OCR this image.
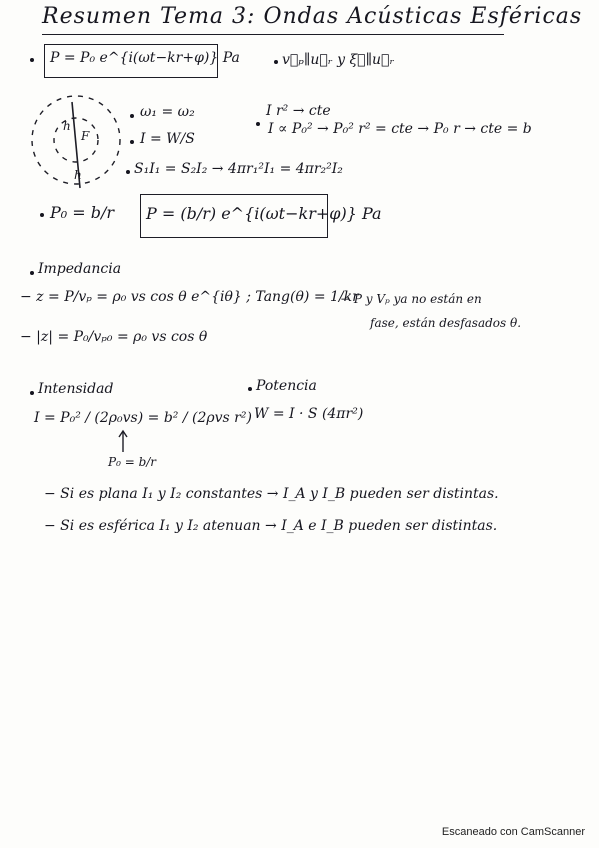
Resumen Tema 3: Ondas Acústicas Esféricas
P = P₀ e^{i(ωt−kr+φ)} Pa	v⃗ₚ∥u⃗ᵣ y ξ⃗∥u⃗ᵣ
h
F
h
ω₁ = ω₂
I = W/S
S₁I₁ = S₂I₂ → 4πr₁²I₁ = 4πr₂²I₂
I r² → cte
I ∝ P₀² → P₀² r² = cte → P₀ r → cte = b
P₀ = b/r P = (b/r) e^{i(ωt−kr+φ)} Pa
Impedancia
− z = P/vₚ = ρ₀ vs cos θ e^{iθ} ; Tang(θ) = 1/kr
− P y Vₚ ya no están en
fase, están desfasados θ.
− |z| = P₀/vₚ₀ = ρ₀ vs cos θ
Intensidad
I = P₀² / (2ρ₀vs) = b² / (2ρvs r²)
P₀ = b/r
Potencia
W = I · S (4πr²)
− Si es plana I₁ y I₂ constantes → I_A y I_B pueden ser distintas.
− Si es esférica I₁ y I₂ atenuan → I_A e I_B pueden ser distintas.
Escaneado con CamScanner
